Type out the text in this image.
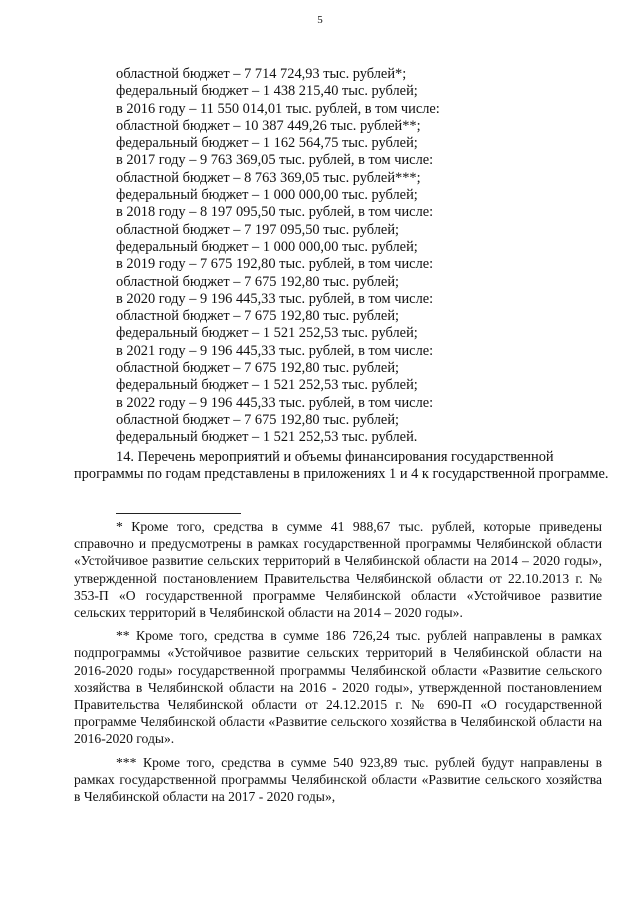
5
областной бюджет – 7 714 724,93 тыс. рублей*;
федеральный бюджет – 1 438 215,40 тыс. рублей;
в 2016 году – 11 550 014,01 тыс. рублей, в том числе:
областной бюджет – 10 387 449,26 тыс. рублей**;
федеральный бюджет – 1 162 564,75 тыс. рублей;
в 2017 году – 9 763 369,05 тыс. рублей, в том числе:
областной бюджет – 8 763 369,05 тыс. рублей***;
федеральный бюджет – 1 000 000,00 тыс. рублей;
в 2018 году – 8 197 095,50 тыс. рублей, в том числе:
областной бюджет – 7 197 095,50 тыс. рублей;
федеральный бюджет – 1 000 000,00 тыс. рублей;
в 2019 году – 7 675 192,80 тыс. рублей, в том числе:
областной бюджет – 7 675 192,80 тыс. рублей;
в 2020 году – 9 196 445,33 тыс. рублей, в том числе:
областной бюджет – 7 675 192,80 тыс. рублей;
федеральный бюджет – 1 521 252,53 тыс. рублей;
в 2021 году – 9 196 445,33 тыс. рублей, в том числе:
областной бюджет – 7 675 192,80 тыс. рублей;
федеральный бюджет – 1 521 252,53 тыс. рублей;
в 2022 году – 9 196 445,33 тыс. рублей, в том числе:
областной бюджет – 7 675 192,80 тыс. рублей;
федеральный бюджет – 1 521 252,53 тыс. рублей.
14. Перечень мероприятий и объемы финансирования государственной
программы по годам представлены в приложениях 1 и 4 к государственной программе.

* Кроме того, средства в сумме 41 988,67 тыс. рублей, которые приведены справочно и предусмотрены в рамках государственной программы Челябинской области «Устойчивое развитие сельских территорий в Челябинской области на 2014 – 2020 годы», утвержденной постановлением Правительства Челябинской области от 22.10.2013 г. № 353-П «О государственной программе Челябинской области «Устойчивое развитие сельских территорий в Челябинской области на 2014 – 2020 годы».

** Кроме того, средства в сумме 186 726,24 тыс. рублей направлены в рамках подпрограммы «Устойчивое развитие сельских территорий в Челябинской области на 2016-2020 годы» государственной программы Челябинской области «Развитие сельского хозяйства в Челябинской области на 2016 - 2020 годы», утвержденной постановлением Правительства Челябинской области от 24.12.2015 г. № 690-П «О государственной программе Челябинской области «Развитие сельского хозяйства в Челябинской области на 2016-2020 годы».

*** Кроме того, средства в сумме 540 923,89 тыс. рублей будут направлены в рамках государственной программы Челябинской области «Развитие сельского хозяйства в Челябинской области на 2017 - 2020 годы»,
